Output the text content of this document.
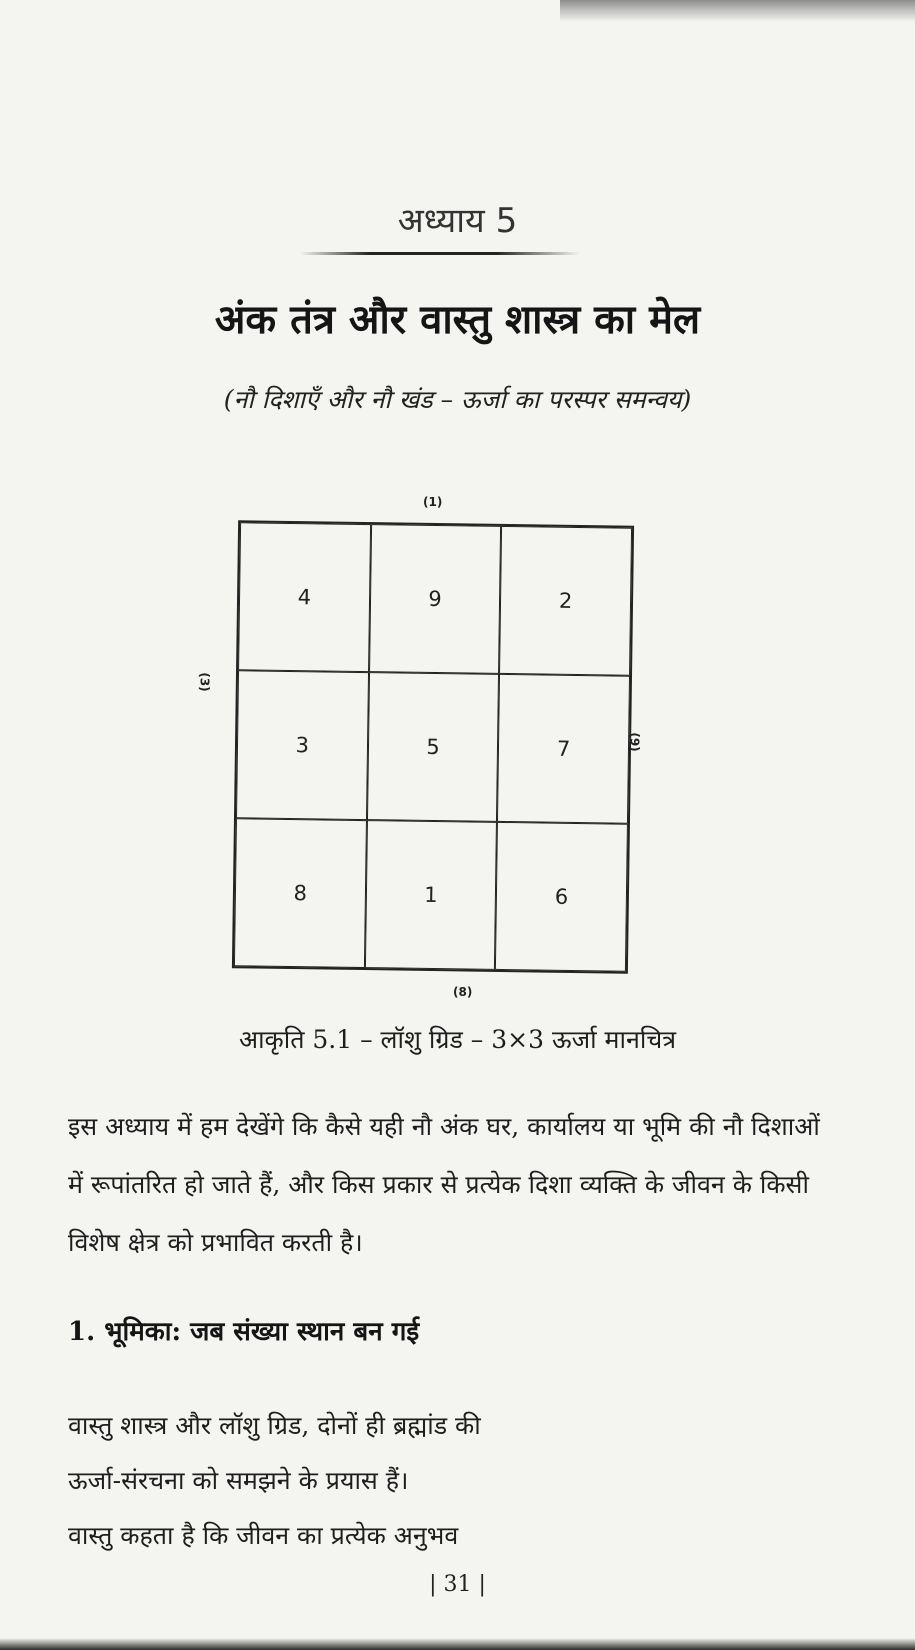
अध्याय 5
अंक तंत्र और वास्तु शास्त्र का मेल
(नौ दिशाएँ और नौ खंड – ऊर्जा का परस्पर समन्वय)
(1)
(3)
(9)
4	9	2
3	5	7
8	1	6
(8)
आकृति 5.1 – लॉशु ग्रिड – 3×3 ऊर्जा मानचित्र
इस अध्याय में हम देखेंगे कि कैसे यही नौ अंक घर, कार्यालय या भूमि की नौ दिशाओं
में रूपांतरित हो जाते हैं, और किस प्रकार से प्रत्येक दिशा व्यक्ति के जीवन के किसी
विशेष क्षेत्र को प्रभावित करती है।
1. भूमिका: जब संख्या स्थान बन गई
वास्तु शास्त्र और लॉशु ग्रिड, दोनों ही ब्रह्मांड की
ऊर्जा-संरचना को समझने के प्रयास हैं।
वास्तु कहता है कि जीवन का प्रत्येक अनुभव
| 31 |
